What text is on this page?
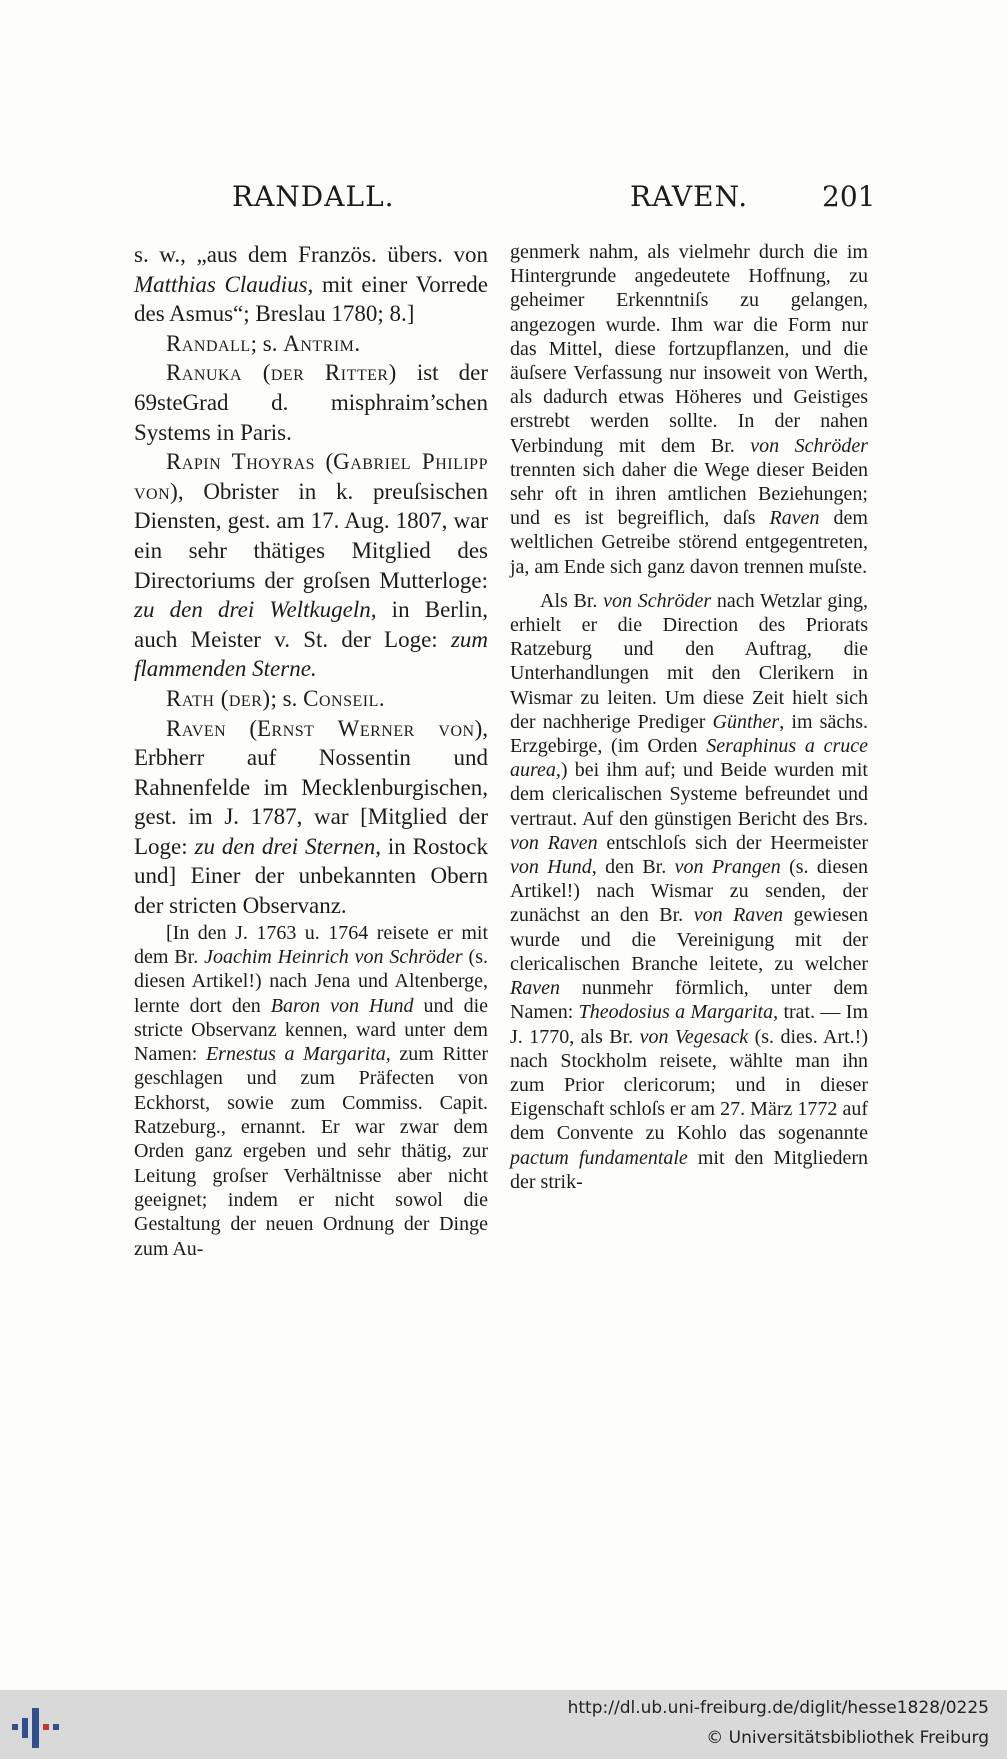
RANDALL.	RAVEN.	201

s. w., „aus dem Französ. übers. von Matthias Claudius, mit einer Vorrede des Asmus“; Breslau 1780; 8.]

Randall; s. Antrim.

Ranuka (der Ritter) ist der 69steGrad d. misphraim’schen Systems in Paris.

Rapin Thoyras (Gabriel Philipp von), Obrister in k. preuſsischen Diensten, gest. am 17. Aug. 1807, war ein sehr thätiges Mitglied des Directoriums der groſsen Mutterloge: zu den drei Weltkugeln, in Berlin, auch Meister v. St. der Loge: zum flammenden Sterne.

Rath (der); s. Conseil.

Raven (Ernst Werner von), Erbherr auf Nossentin und Rahnenfelde im Mecklenburgischen, gest. im J. 1787, war [Mitglied der Loge: zu den drei Sternen, in Rostock und] Einer der unbekannten Obern der stricten Observanz.

[In den J. 1763 u. 1764 reisete er mit dem Br. Joachim Heinrich von Schröder (s. diesen Artikel!) nach Jena und Altenberge, lernte dort den Baron von Hund und die stricte Observanz kennen, ward unter dem Namen: Ernestus a Margarita, zum Ritter geschlagen und zum Präfecten von Eckhorst, sowie zum Commiss. Capit. Ratzeburg., ernannt. Er war zwar dem Orden ganz ergeben und sehr thätig, zur Leitung groſser Verhältnisse aber nicht geeignet; indem er nicht sowol die Gestaltung der neuen Ordnung der Dinge zum Au-

genmerk nahm, als vielmehr durch die im Hintergrunde angedeutete Hoffnung, zu geheimer Erkenntniſs zu gelangen, angezogen wurde. Ihm war die Form nur das Mittel, diese fortzupflanzen, und die äuſsere Verfassung nur insoweit von Werth, als dadurch etwas Höheres und Geistiges erstrebt werden sollte. In der nahen Verbindung mit dem Br. von Schröder trennten sich daher die Wege dieser Beiden sehr oft in ihren amtlichen Beziehungen; und es ist begreiflich, daſs Raven dem weltlichen Getreibe störend entgegentreten, ja, am Ende sich ganz davon trennen muſste.

Als Br. von Schröder nach Wetzlar ging, erhielt er die Direction des Priorats Ratzeburg und den Auftrag, die Unterhandlungen mit den Clerikern in Wismar zu leiten. Um diese Zeit hielt sich der nachherige Prediger Günther, im sächs. Erzgebirge, (im Orden Seraphinus a cruce aurea,) bei ihm auf; und Beide wurden mit dem clericalischen Systeme befreundet und vertraut. Auf den günstigen Bericht des Brs. von Raven entschloſs sich der Heermeister von Hund, den Br. von Prangen (s. diesen Artikel!) nach Wismar zu senden, der zunächst an den Br. von Raven gewiesen wurde und die Vereinigung mit der clericalischen Branche leitete, zu welcher Raven nunmehr förmlich, unter dem Namen: Theodosius a Margarita, trat. — Im J. 1770, als Br. von Vegesack (s. dies. Art.!) nach Stockholm reisete, wählte man ihn zum Prior clericorum; und in dieser Eigenschaft schloſs er am 27. März 1772 auf dem Convente zu Kohlo das sogenannte pactum fundamentale mit den Mitgliedern der strik-

http://dl.ub.uni-freiburg.de/diglit/hesse1828/0225
© Universitätsbibliothek Freiburg
